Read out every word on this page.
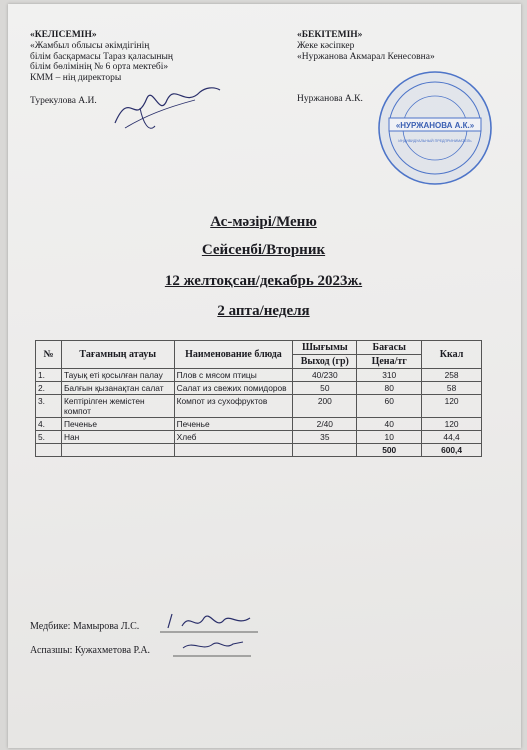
«КЕЛІСЕМІН»
«Жамбыл облысы әкімдігінің
білім басқармасы Тараз қаласының
білім бөлімінің № 6 орта мектебі»
КММ – нің директоры
Турекулова А.И.
«БЕКІТЕМІН»
Жеке кәсіпкер
«Нуржанова Акмарал Кенесовна»
Нуржанова А.К.
«НУРЖАНОВА А.К.»
ИНДИВИДУАЛЬНЫЙ ПРЕДПРИНИМАТЕЛЬ
Ас-мәзірі/Меню
Сейсенбі/Вторник
12 желтоқсан/декабрь 2023ж.
2 апта/неделя
№	Тағамның атауы	Наименование блюда	Шығымы	Бағасы	Ккал
			Выход (гр)	Цена/тг	
1.	Тауық еті қосылған палау	Плов с мясом птицы	40/230	310	258
2.	Балғын қызанақтан салат	Салат из свежих помидоров	50	80	58
3.	Кептірілген жемістен компот	Компот из сухофруктов	200	60	120
4.	Печенье	Печенье	2/40	40	120
5.	Нан	Хлеб	35	10	44,4
				500	600,4
Медбике: Мамырова Л.С.
Аспазшы: Кужахметова Р.А.
